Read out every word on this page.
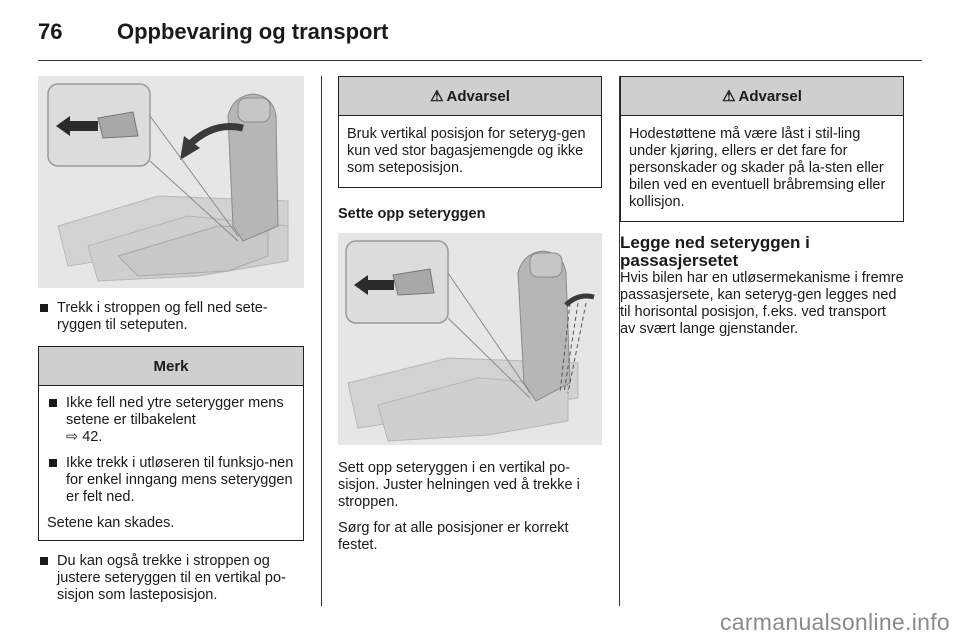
76 Oppbevaring og transport
Trekk i stroppen og fell ned sete-ryggen til seteputen.
Merk
Ikke fell ned ytre seterygger mens setene er tilbakelent
⇨ 42.
Ikke trekk i utløseren til funksjo-nen for enkel inngang mens seteryggen er felt ned.

Setene kan skades.

Du kan også trekke i stroppen og justere seteryggen til en vertikal po-sisjon som lasteposisjon.
⚠ Advarsel

Bruk vertikal posisjon for seteryg-gen kun ved stor bagasjemengde og ikke som seteposisjon.

Sette opp seteryggen

Sett opp seteryggen i en vertikal po-sisjon. Juster helningen ved å trekke i stroppen.

Sørg for at alle posisjoner er korrekt festet.

⚠ Advarsel

Hodestøttene må være låst i stil-ling under kjøring, ellers er det fare for personskader og skader på la-sten eller bilen ved en eventuell bråbremsing eller kollisjon.

Legge ned seteryggen i passasjersetet

Hvis bilen har en utløsermekanisme i fremre passasjersete, kan seteryg-gen legges ned til horisontal posisjon, f.eks. ved transport av svært lange gjenstander.

carmanualsonline.info
